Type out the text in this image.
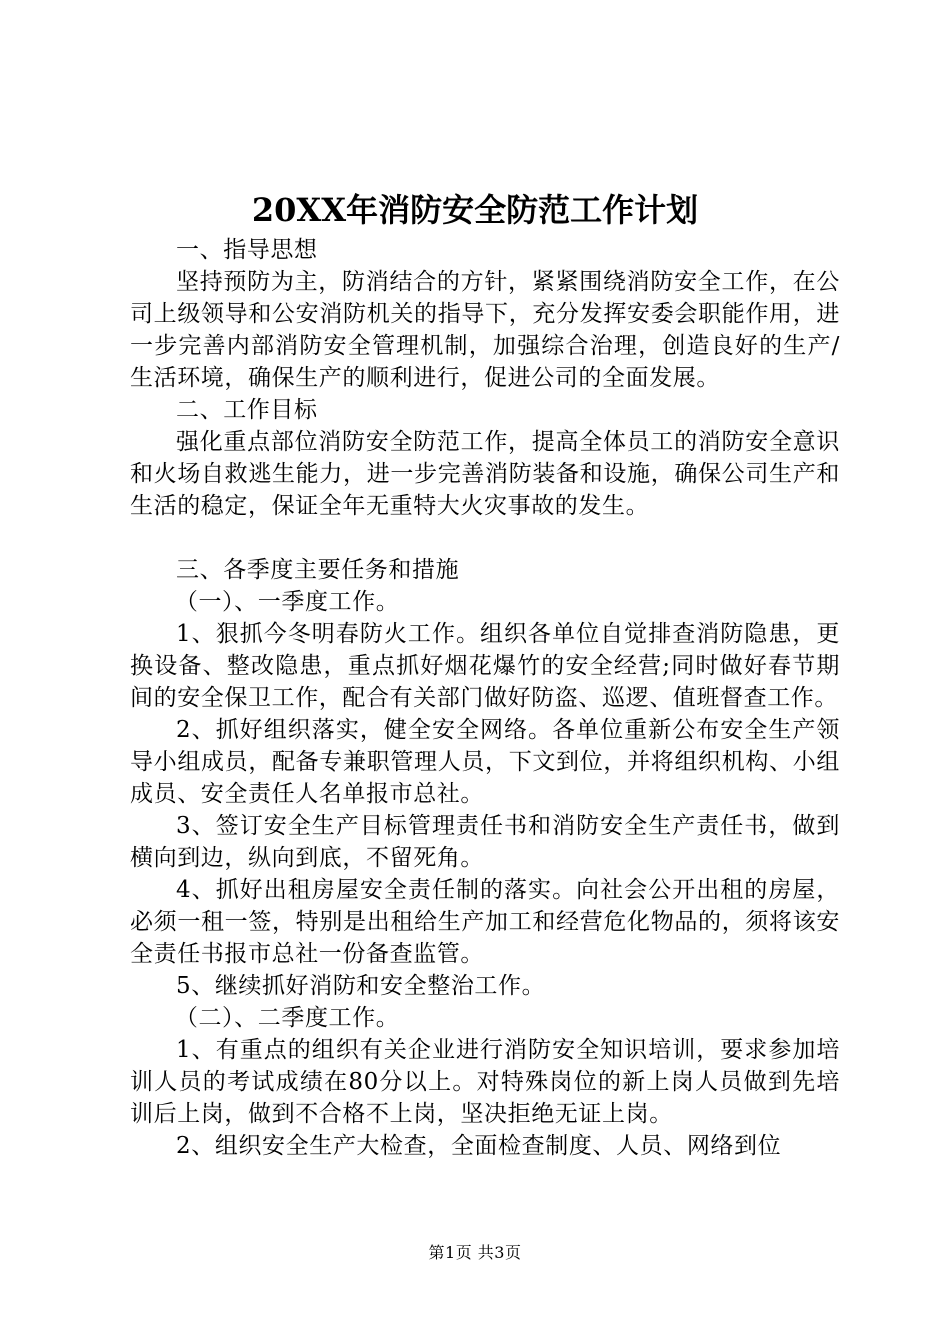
20XX年消防安全防范工作计划

一、指导思想

坚持预防为主，防消结合的方针，紧紧围绕消防安全工作，在公司上级领导和公安消防机关的指导下，充分发挥安委会职能作用，进一步完善内部消防安全管理机制，加强综合治理，创造良好的生产/生活环境，确保生产的顺利进行，促进公司的全面发展。

二、工作目标

强化重点部位消防安全防范工作，提高全体员工的消防安全意识和火场自救逃生能力，进一步完善消防装备和设施，确保公司生产和生活的稳定，保证全年无重特大火灾事故的发生。

三、各季度主要任务和措施

（一）、一季度工作。

1、狠抓今冬明春防火工作。组织各单位自觉排查消防隐患，更换设备、整改隐患，重点抓好烟花爆竹的安全经营;同时做好春节期间的安全保卫工作，配合有关部门做好防盗、巡逻、值班督查工作。

2、抓好组织落实，健全安全网络。各单位重新公布安全生产领导小组成员，配备专兼职管理人员，下文到位，并将组织机构、小组成员、安全责任人名单报市总社。

3、签订安全生产目标管理责任书和消防安全生产责任书，做到横向到边，纵向到底，不留死角。

4、抓好出租房屋安全责任制的落实。向社会公开出租的房屋，必须一租一签，特别是出租给生产加工和经营危化物品的，须将该安全责任书报市总社一份备查监管。

5、继续抓好消防和安全整治工作。

（二）、二季度工作。

1、有重点的组织有关企业进行消防安全知识培训，要求参加培训人员的考试成绩在80分以上。对特殊岗位的新上岗人员做到先培训后上岗，做到不合格不上岗，坚决拒绝无证上岗。

2、组织安全生产大检查，全面检查制度、人员、网络到位

第1页 共3页
